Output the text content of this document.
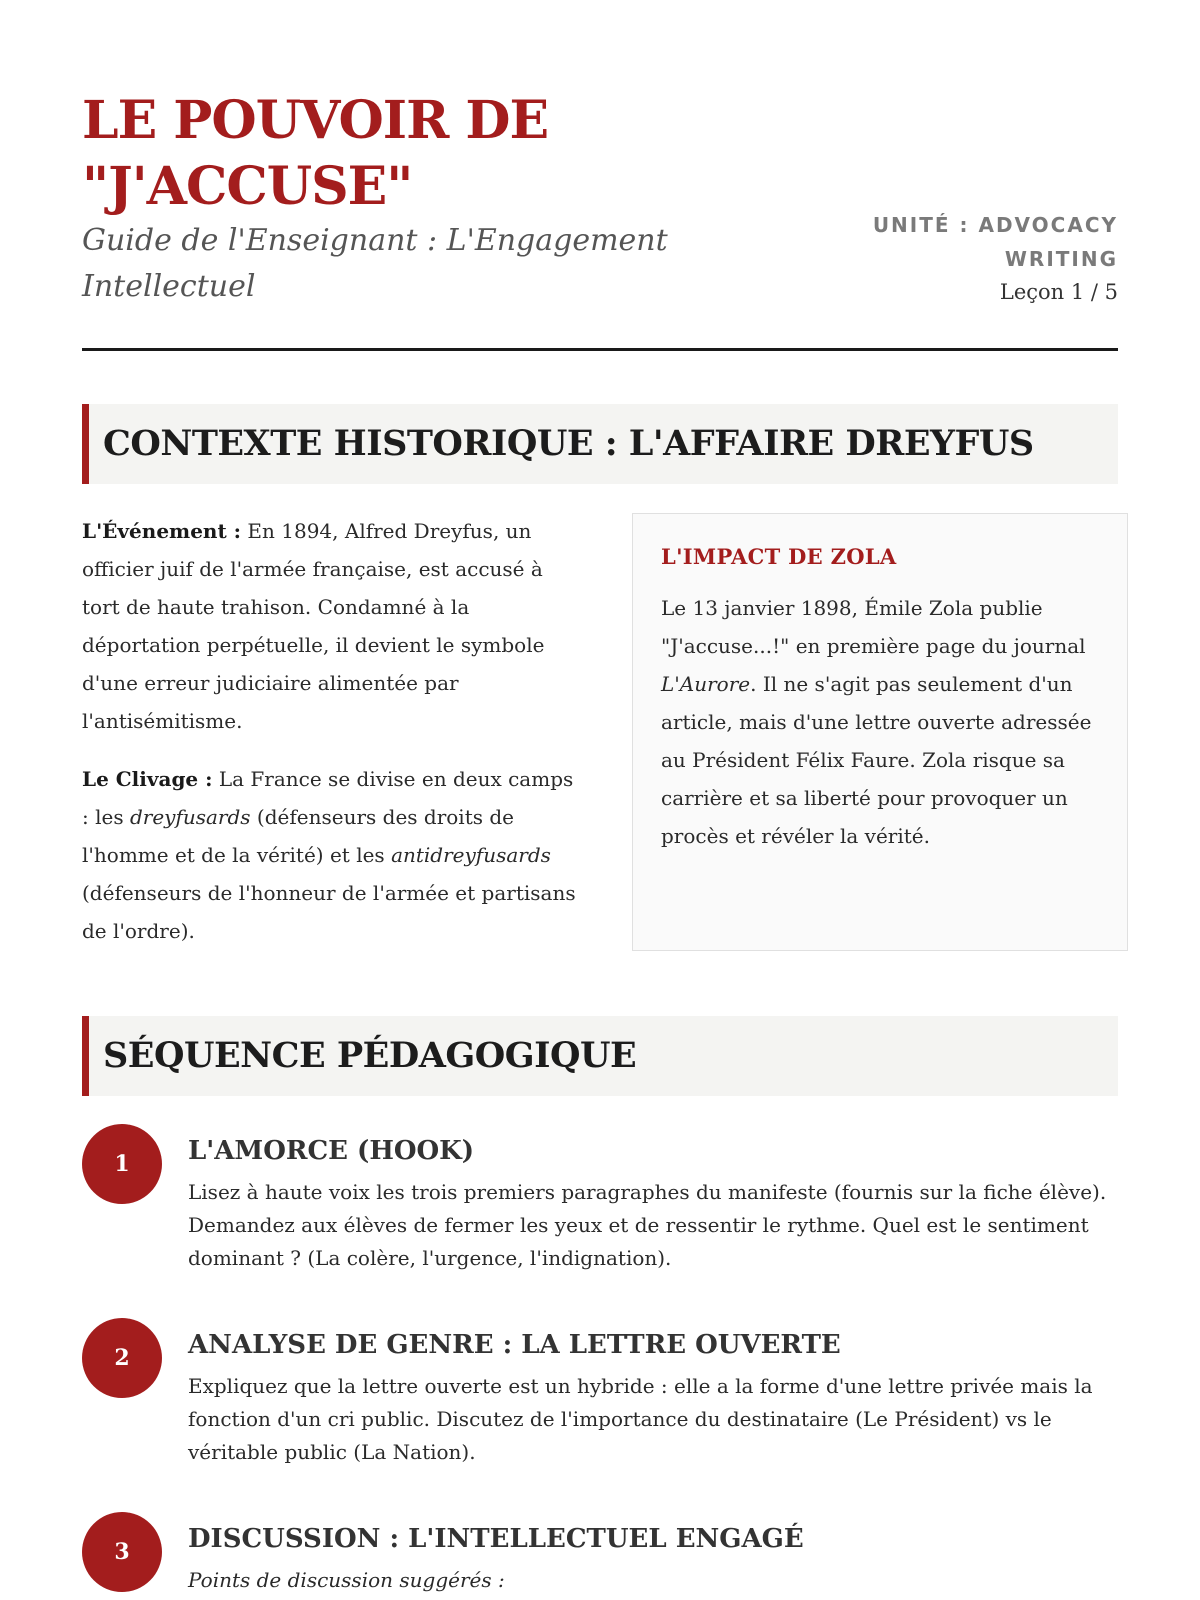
LE POUVOIR DE "J'ACCUSE"

Guide de l'Enseignant : L'Engagement Intellectuel

UNITÉ : ADVOCACY WRITING
Leçon 1 / 5
CONTEXTE HISTORIQUE : L'AFFAIRE DREYFUS

L'Événement : En 1894, Alfred Dreyfus, un officier juif de l'armée française, est accusé à tort de haute trahison. Condamné à la déportation perpétuelle, il devient le symbole d'une erreur judiciaire alimentée par l'antisémitisme.

Le Clivage : La France se divise en deux camps : les dreyfusards (défenseurs des droits de l'homme et de la vérité) et les antidreyfusards (défenseurs de l'honneur de l'armée et partisans de l'ordre).

L'IMPACT DE ZOLA

Le 13 janvier 1898, Émile Zola publie "J'accuse...!" en première page du journal L'Aurore. Il ne s'agit pas seulement d'un article, mais d'une lettre ouverte adressée au Président Félix Faure. Zola risque sa carrière et sa liberté pour provoquer un procès et révéler la vérité.

SÉQUENCE PÉDAGOGIQUE
1	L'AMORCE (HOOK)

Lisez à haute voix les trois premiers paragraphes du manifeste (fournis sur la fiche élève). Demandez aux élèves de fermer les yeux et de ressentir le rythme. Quel est le sentiment dominant ? (La colère, l'urgence, l'indignation).

2	ANALYSE DE GENRE : LA LETTRE OUVERTE

Expliquez que la lettre ouverte est un hybride : elle a la forme d'une lettre privée mais la fonction d'un cri public. Discutez de l'importance du destinataire (Le Président) vs le véritable public (La Nation).

3	DISCUSSION : L'INTELLECTUEL ENGAGÉ

Points de discussion suggérés :
